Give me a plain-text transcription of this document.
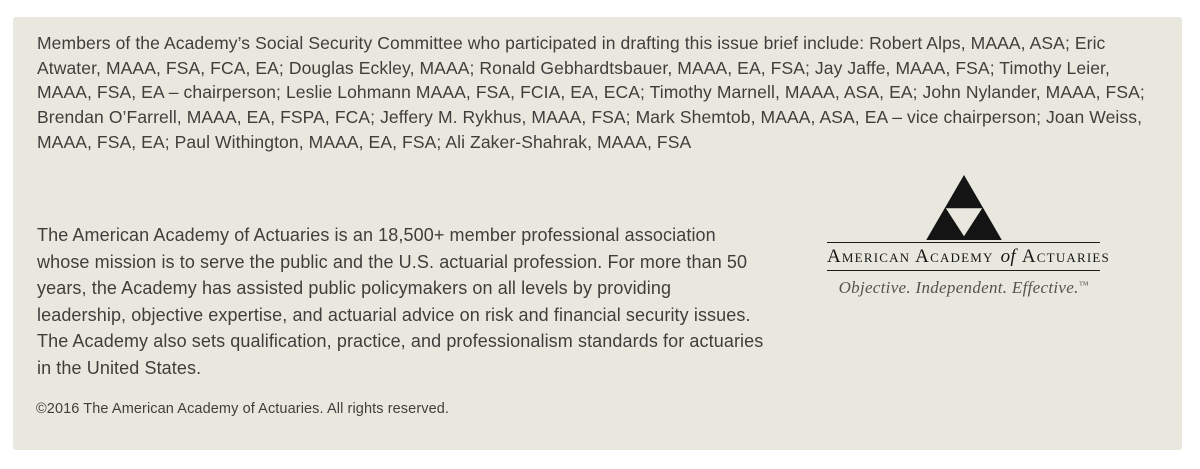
Members of the Academy’s Social Security Committee who participated in drafting this issue brief include: Robert Alps, MAAA, ASA; Eric Atwater, MAAA, FSA, FCA, EA; Douglas Eckley, MAAA; Ronald Gebhardtsbauer, MAAA, EA, FSA; Jay Jaffe, MAAA, FSA; Timothy Leier, MAAA, FSA, EA – chairperson; Leslie Lohmann MAAA, FSA, FCIA, EA, ECA; Timothy Marnell, MAAA, ASA, EA; John Nylander, MAAA, FSA; Brendan O’Farrell, MAAA, EA, FSPA, FCA; Jeffery M. Rykhus, MAAA, FSA; Mark Shemtob, MAAA, ASA, EA – vice chairperson; Joan Weiss, MAAA, FSA, EA; Paul Withington, MAAA, EA, FSA; Ali Zaker-Shahrak, MAAA, FSA

The American Academy of Actuaries is an 18,500+ member professional association whose mission is to serve the public and the U.S. actuarial profession. For more than 50 years, the Academy has assisted public policymakers on all levels by providing leadership, objective expertise, and actuarial advice on risk and financial security issues. The Academy also sets qualification, practice, and professionalism standards for actuaries in the United States.

©2016 The American Academy of Actuaries. All rights reserved.

American Academy of Actuaries
Objective. Independent. Effective.™
